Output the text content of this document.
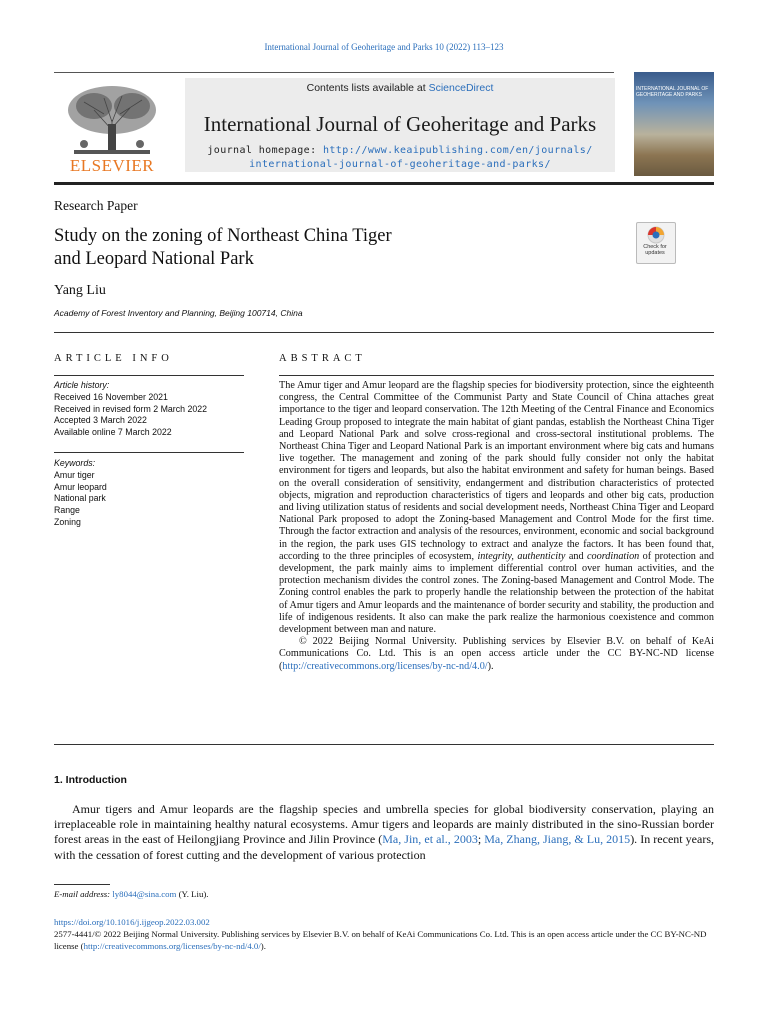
International Journal of Geoheritage and Parks 10 (2022) 113–123
ELSEVIER
Contents lists available at ScienceDirect
International Journal of Geoheritage and Parks
journal homepage: http://www.keaipublishing.com/en/journals/
international-journal-of-geoheritage-and-parks/
INTERNATIONAL JOURNAL OF GEOHERITAGE AND PARKS
Research Paper
Study on the zoning of Northeast China Tiger
and Leopard National Park
Check for updates
Yang Liu
Academy of Forest Inventory and Planning, Beijing 100714, China
ARTICLE INFO
Article history:
Received 16 November 2021
Received in revised form 2 March 2022
Accepted 3 March 2022
Available online 7 March 2022
Keywords:
Amur tiger
Amur leopard
National park
Range
Zoning
ABSTRACT

The Amur tiger and Amur leopard are the flagship species for biodiversity protection, since the eighteenth congress, the Central Committee of the Communist Party and State Council of China attaches great importance to the tiger and leopard conservation. The 12th Meeting of the Central Finance and Economics Leading Group proposed to integrate the main habitat of giant pandas, establish the Northeast China Tiger and Leopard National Park and solve cross-regional and cross-sectoral institutional problems. The Northeast China Tiger and Leopard National Park is an important environment where big cats and humans live together. The management and zoning of the park should fully consider not only the habitat environment for tigers and leopards, but also the habitat environment and safety for human beings. Based on the overall consideration of sensitivity, endangerment and distribution characteristics of protected objects, migration and reproduction characteristics of tigers and leopards and other big cats, production and living utilization status of residents and social development needs, Northeast China Tiger and Leopard National Park proposed to adopt the Zoning-based Management and Control Mode for the first time. Through the factor extraction and analysis of the resources, environment, economic and social background in the region, the park uses GIS technology to extract and analyze the factors. It has been found that, according to the three principles of ecosystem, integrity, authenticity and coordination of protection and development, the park mainly aims to implement differential control over human activities, and the protection mechanism divides the control zones. The Zoning-based Management and Control Mode. The Zoning control enables the park to properly handle the relationship between the protection of the habitat of Amur tigers and Amur leopards and the maintenance of border security and stability, the production and life of indigenous residents. It also can make the park realize the harmonious coexistence and common development between man and nature.

© 2022 Beijing Normal University. Publishing services by Elsevier B.V. on behalf of KeAi Communications Co. Ltd. This is an open access article under the CC BY-NC-ND license (http://creativecommons.org/licenses/by-nc-nd/4.0/).

1. Introduction
Amur tigers and Amur leopards are the flagship species and umbrella species for global biodiversity conservation, playing an irreplaceable role in maintaining healthy natural ecosystems. Amur tigers and leopards are mainly distributed in the sino-Russian border forest areas in the east of Heilongjiang Province and Jilin Province (Ma, Jin, et al., 2003; Ma, Zhang, Jiang, & Lu, 2015). In recent years, with the cessation of forest cutting and the development of various protection
E-mail address: ly8044@sina.com (Y. Liu).
https://doi.org/10.1016/j.ijgeop.2022.03.002
2577-4441/© 2022 Beijing Normal University. Publishing services by Elsevier B.V. on behalf of KeAi Communications Co. Ltd. This is an open access article under the CC BY-NC-ND license (http://creativecommons.org/licenses/by-nc-nd/4.0/).
